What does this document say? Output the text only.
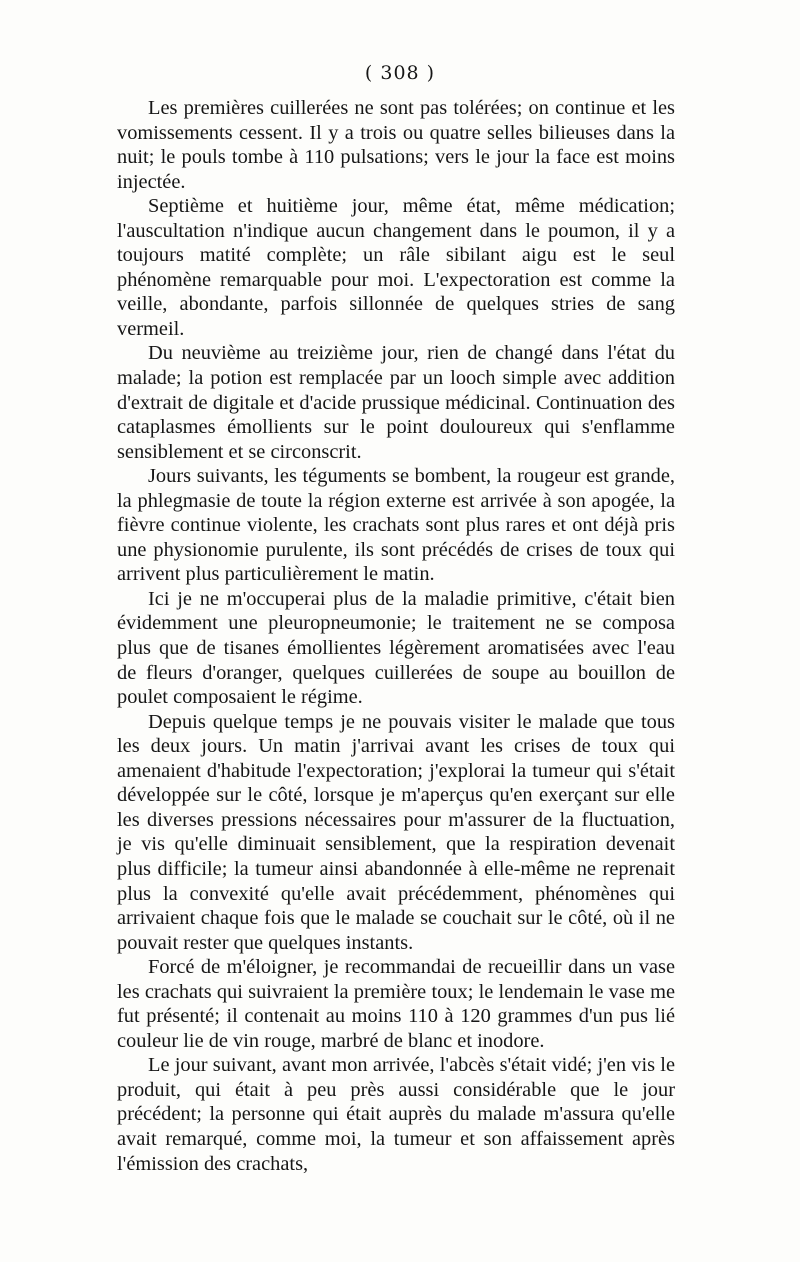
( 308 )

Les premières cuillerées ne sont pas tolérées; on continue et les vomissements cessent. Il y a trois ou quatre selles bilieuses dans la nuit; le pouls tombe à 110 pulsations; vers le jour la face est moins injectée.

Septième et huitième jour, même état, même médication; l'auscultation n'indique aucun changement dans le poumon, il y a toujours matité complète; un râle sibilant aigu est le seul phénomène remarquable pour moi. L'expectoration est comme la veille, abondante, parfois sillonnée de quelques stries de sang vermeil.

Du neuvième au treizième jour, rien de changé dans l'état du malade; la potion est remplacée par un looch simple avec addition d'extrait de digitale et d'acide prussique médicinal. Continuation des cataplasmes émollients sur le point douloureux qui s'enflamme sensiblement et se circonscrit.

Jours suivants, les téguments se bombent, la rougeur est grande, la phlegmasie de toute la région externe est arrivée à son apogée, la fièvre continue violente, les crachats sont plus rares et ont déjà pris une physionomie purulente, ils sont précédés de crises de toux qui arrivent plus particulièrement le matin.

Ici je ne m'occuperai plus de la maladie primitive, c'était bien évidemment une pleuropneumonie; le traitement ne se composa plus que de tisanes émollientes légèrement aromatisées avec l'eau de fleurs d'oranger, quelques cuillerées de soupe au bouillon de poulet composaient le régime.

Depuis quelque temps je ne pouvais visiter le malade que tous les deux jours. Un matin j'arrivai avant les crises de toux qui amenaient d'habitude l'expectoration; j'explorai la tumeur qui s'était développée sur le côté, lorsque je m'aperçus qu'en exerçant sur elle les diverses pressions nécessaires pour m'assurer de la fluctuation, je vis qu'elle diminuait sensiblement, que la respiration devenait plus difficile; la tumeur ainsi abandonnée à elle-même ne reprenait plus la convexité qu'elle avait précédemment, phénomènes qui arrivaient chaque fois que le malade se couchait sur le côté, où il ne pouvait rester que quelques instants.

Forcé de m'éloigner, je recommandai de recueillir dans un vase les crachats qui suivraient la première toux; le lendemain le vase me fut présenté; il contenait au moins 110 à 120 grammes d'un pus lié couleur lie de vin rouge, marbré de blanc et inodore.

Le jour suivant, avant mon arrivée, l'abcès s'était vidé; j'en vis le produit, qui était à peu près aussi considérable que le jour précédent; la personne qui était auprès du malade m'assura qu'elle avait remarqué, comme moi, la tumeur et son affaissement après l'émission des crachats,
